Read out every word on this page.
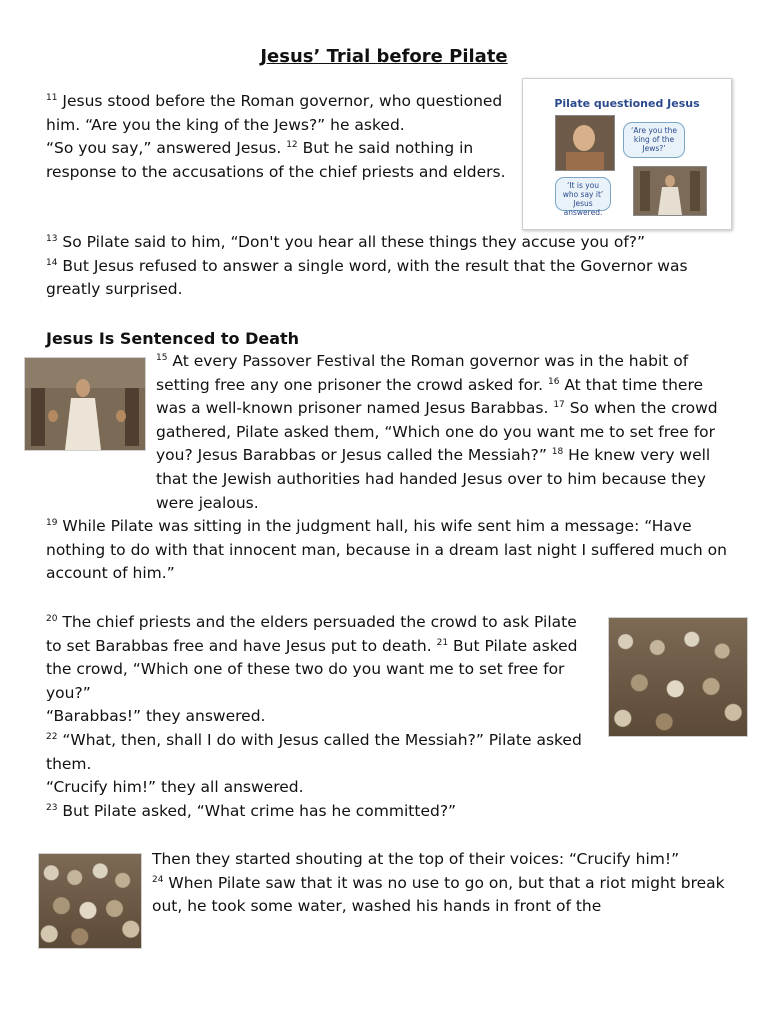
Jesus’ Trial before Pilate
Pilate questioned Jesus
‘Are you the king of the Jews?’
‘It is you who say it’ Jesus answered.

$^{11}$ Jesus stood before the Roman governor, who questioned him. “Are you the king of the Jews?” he asked.
“So you say,” answered Jesus. $^{12}$ But he said nothing in response to the accusations of the chief priests and elders.

$^{13}$ So Pilate said to him, “Don't you hear all these things they accuse you of?”
$^{14}$ But Jesus refused to answer a single word, with the result that the Governor was greatly surprised.

Jesus Is Sentenced to Death

$^{15}$ At every Passover Festival the Roman governor was in the habit of setting free any one prisoner the crowd asked for. $^{16}$ At that time there was a well-known prisoner named Jesus Barabbas. $^{17}$ So when the crowd gathered, Pilate asked them, “Which one do you want me to set free for you? Jesus Barabbas or Jesus called the Messiah?” $^{18}$ He knew very well that the Jewish authorities had handed Jesus over to him because they were jealous.

$^{19}$ While Pilate was sitting in the judgment hall, his wife sent him a message: “Have nothing to do with that innocent man, because in a dream last night I suffered much on account of him.”

$^{20}$ The chief priests and the elders persuaded the crowd to ask Pilate to set Barabbas free and have Jesus put to death. $^{21}$ But Pilate asked the crowd, “Which one of these two do you want me to set free for you?”
“Barabbas!” they answered.
$^{22}$ “What, then, shall I do with Jesus called the Messiah?” Pilate asked them.
“Crucify him!” they all answered.
$^{23}$ But Pilate asked, “What crime has he committed?”

Then they started shouting at the top of their voices: “Crucify him!”
$^{24}$ When Pilate saw that it was no use to go on, but that a riot might break out, he took some water, washed his hands in front of the
